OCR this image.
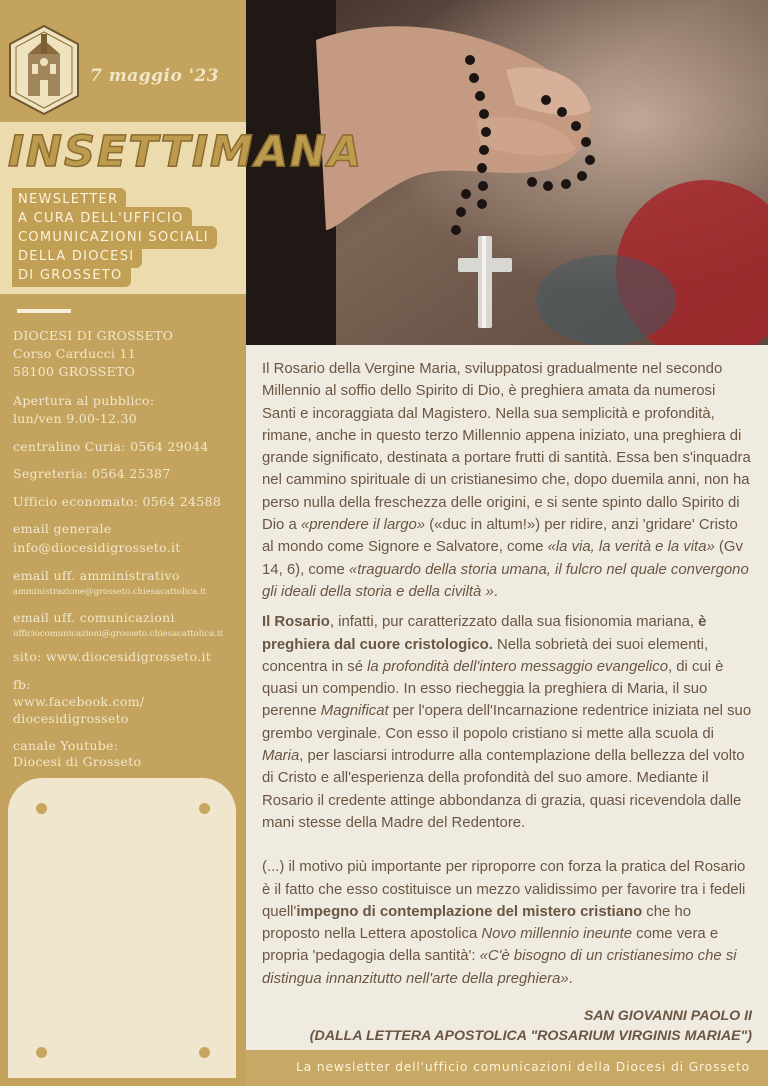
7 maggio '23
INSETTIMANA
NEWSLETTER
A CURA DELL'UFFICIO
COMUNICAZIONI SOCIALI
DELLA DIOCESI
DI GROSSETO
DIOCESI DI GROSSETO
Corso Carducci 11
58100 GROSSETO
Apertura al pubblico:
lun/ven 9.00-12.30
centralino Curia: 0564 29044
Segreteria: 0564 25387
Ufficio economato: 0564 24588
email generale
info@diocesidigrosseto.it
email uff. amministrativo
amministrazione@grosseto.chiesacattolica.it
email uff. comunicazioni
ufficiocomunicazioni@grosseto.chiesacattolica.it
sito: www.diocesidigrosseto.it
fb:
www.facebook.com/
diocesidigrosseto
canale Youtube:
Diocesi di Grosseto

Il Rosario della Vergine Maria, sviluppatosi gradualmente nel secondo Millennio al soffio dello Spirito di Dio, è preghiera amata da numerosi Santi e incoraggiata dal Magistero. Nella sua semplicità e profondità, rimane, anche in questo terzo Millennio appena iniziato, una preghiera di grande significato, destinata a portare frutti di santità. Essa ben s'inquadra nel cammino spirituale di un cristianesimo che, dopo duemila anni, non ha perso nulla della freschezza delle origini, e si sente spinto dallo Spirito di Dio a «prendere il largo» («duc in altum!») per ridire, anzi 'gridare' Cristo al mondo come Signore e Salvatore, come «la via, la verità e la vita» (Gv 14, 6), come «traguardo della storia umana, il fulcro nel quale convergono gli ideali della storia e della civiltà ».

Il Rosario, infatti, pur caratterizzato dalla sua fisionomia mariana, è preghiera dal cuore cristologico. Nella sobrietà dei suoi elementi, concentra in sé la profondità dell'intero messaggio evangelico, di cui è quasi un compendio. In esso riecheggia la preghiera di Maria, il suo perenne Magnificat per l'opera dell'Incarnazione redentrice iniziata nel suo grembo verginale. Con esso il popolo cristiano si mette alla scuola di Maria, per lasciarsi introdurre alla contemplazione della bellezza del volto di Cristo e all'esperienza della profondità del suo amore. Mediante il Rosario il credente attinge abbondanza di grazia, quasi ricevendola dalle mani stesse della Madre del Redentore.

(...) il motivo più importante per riproporre con forza la pratica del Rosario è il fatto che esso costituisce un mezzo validissimo per favorire tra i fedeli quell'impegno di contemplazione del mistero cristiano che ho proposto nella Lettera apostolica Novo millennio ineunte come vera e propria 'pedagogia della santità': «C'è bisogno di un cristianesimo che si distingua innanzitutto nell'arte della preghiera».

SAN GIOVANNI PAOLO II
(DALLA LETTERA APOSTOLICA "ROSARIUM VIRGINIS MARIAE")
La newsletter dell'ufficio comunicazioni della Diocesi di Grosseto
